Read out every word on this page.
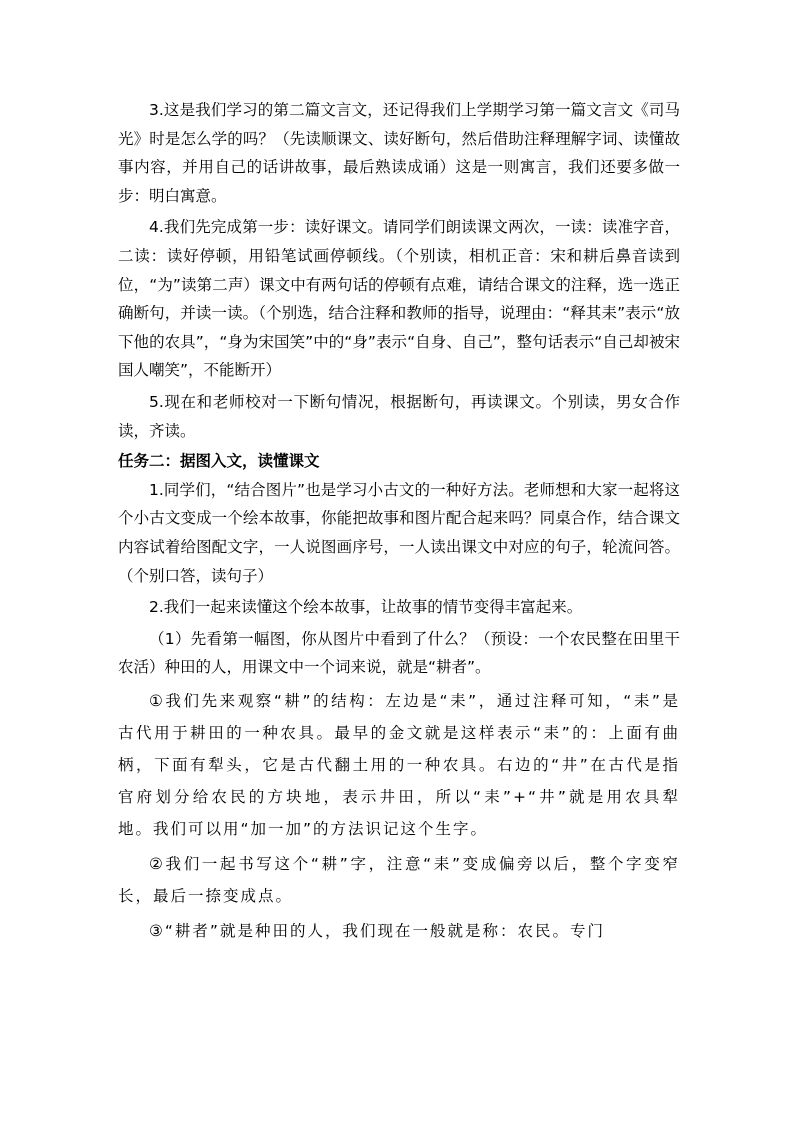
3.这是我们学习的第二篇文言文，还记得我们上学期学习第一篇文言文《司马光》时是怎么学的吗？（先读顺课文、读好断句，然后借助注释理解字词、读懂故事内容，并用自己的话讲故事，最后熟读成诵）这是一则寓言，我们还要多做一步：明白寓意。

4.我们先完成第一步：读好课文。请同学们朗读课文两次，一读：读准字音，二读：读好停顿，用铅笔试画停顿线。（个别读，相机正音：宋和耕后鼻音读到位，“为”读第二声）课文中有两句话的停顿有点难，请结合课文的注释，选一选正确断句，并读一读。（个别选，结合注释和教师的指导，说理由：“释其耒”表示“放下他的农具”，“身为宋国笑”中的“身”表示“自身、自己”，整句话表示“自己却被宋国人嘲笑”，不能断开）

5.现在和老师校对一下断句情况，根据断句，再读课文。个别读，男女合作读，齐读。

任务二：据图入文，读懂课文

1.同学们，“结合图片”也是学习小古文的一种好方法。老师想和大家一起将这个小古文变成一个绘本故事，你能把故事和图片配合起来吗？同桌合作，结合课文内容试着给图配文字，一人说图画序号，一人读出课文中对应的句子，轮流问答。（个别口答，读句子）

2.我们一起来读懂这个绘本故事，让故事的情节变得丰富起来。

（1）先看第一幅图，你从图片中看到了什么？（预设：一个农民整在田里干农活）种田的人，用课文中一个词来说，就是“耕者”。

①我们先来观察“耕”的结构：左边是“耒”，通过注释可知，“耒”是古代用于耕田的一种农具。最早的金文就是这样表示“耒”的：上面有曲柄，下面有犁头，它是古代翻土用的一种农具。右边的“井”在古代是指官府划分给农民的方块地，表示井田，所以“耒”+“井”就是用农具犁地。我们可以用“加一加”的方法识记这个生字。

②我们一起书写这个“耕”字，注意“耒”变成偏旁以后，整个字变窄长，最后一捺变成点。

③“耕者”就是种田的人，我们现在一般就是称：农民。专门
